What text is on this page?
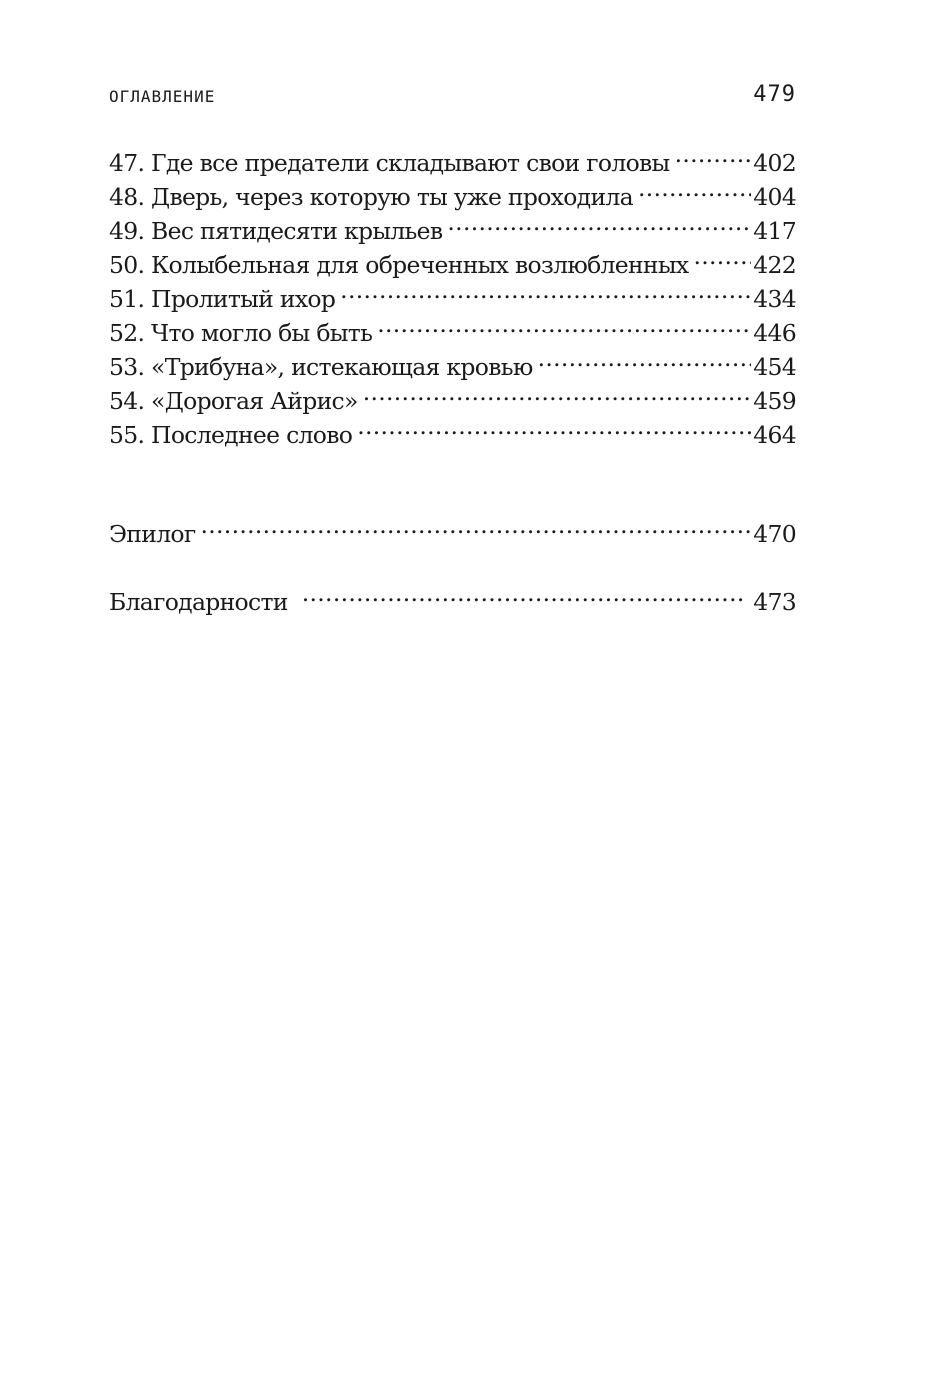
ОГЛАВЛЕНИЕ	479
47. Где все предатели складывают свои головы .....	402
48. Дверь, через которую ты уже проходила .....	404
49. Вес пятидесяти крыльев .....	417
50. Колыбельная для обреченных возлюбленных .....	422
51. Пролитый ихор .....	434
52. Что могло бы быть .....	446
53. «Трибуна», истекающая кровью .....	454
54. «Дорогая Айрис» .....	459
55. Последнее слово .....	464
Эпилог .....	470
Благодарности .....	473
